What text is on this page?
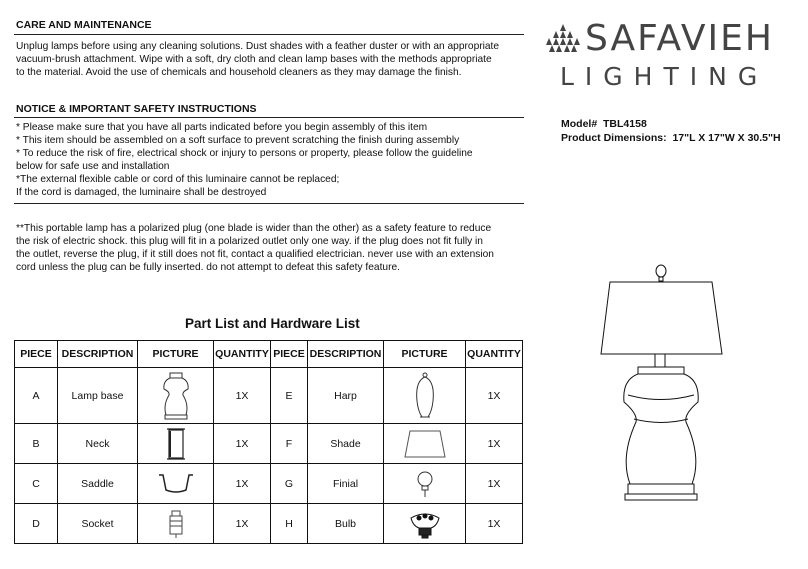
CARE AND MAINTENANCE
Unplug lamps before using any cleaning solutions. Dust shades with a feather duster or with an appropriate
vacuum-brush attachment. Wipe with a soft, dry cloth and clean lamp bases with the methods appropriate
to the material. Avoid the use of chemicals and household cleaners as they may damage the finish.
NOTICE & IMPORTANT SAFETY INSTRUCTIONS
* Please make sure that you have all parts indicated before you begin assembly of this item
* This item should be assembled on a soft surface to prevent scratching the finish during assembly
* To reduce the risk of fire, electrical shock or injury to persons or property, please follow the guideline
below for safe use and installation
*The external flexible cable or cord of this luminaire cannot be replaced;
If the cord is damaged, the luminaire shall be destroyed
**This portable lamp has a polarized plug (one blade is wider than the other) as a safety feature to reduce
the risk of electric shock. this plug will fit in a polarized outlet only one way. if the plug does not fit fully in
the outlet, reverse the plug, if it still does not fit, contact a qualified electrician. never use with an extension
cord unless the plug can be fully inserted. do not attempt to defeat this safety feature.
SAFAVIEH
LIGHTING
Model# TBL4158
Product Dimensions: 17"L X 17"W X 30.5"H
Part List and Hardware List
PIECE	DESCRIPTION	PICTURE	QUANTITY	PIECE	DESCRIPTION	PICTURE	QUANTITY
A	Lamp base		1X	E	Harp		1X
B	Neck		1X	F	Shade		1X
C	Saddle		1X	G	Finial		1X
D	Socket		1X	H	Bulb		1X
